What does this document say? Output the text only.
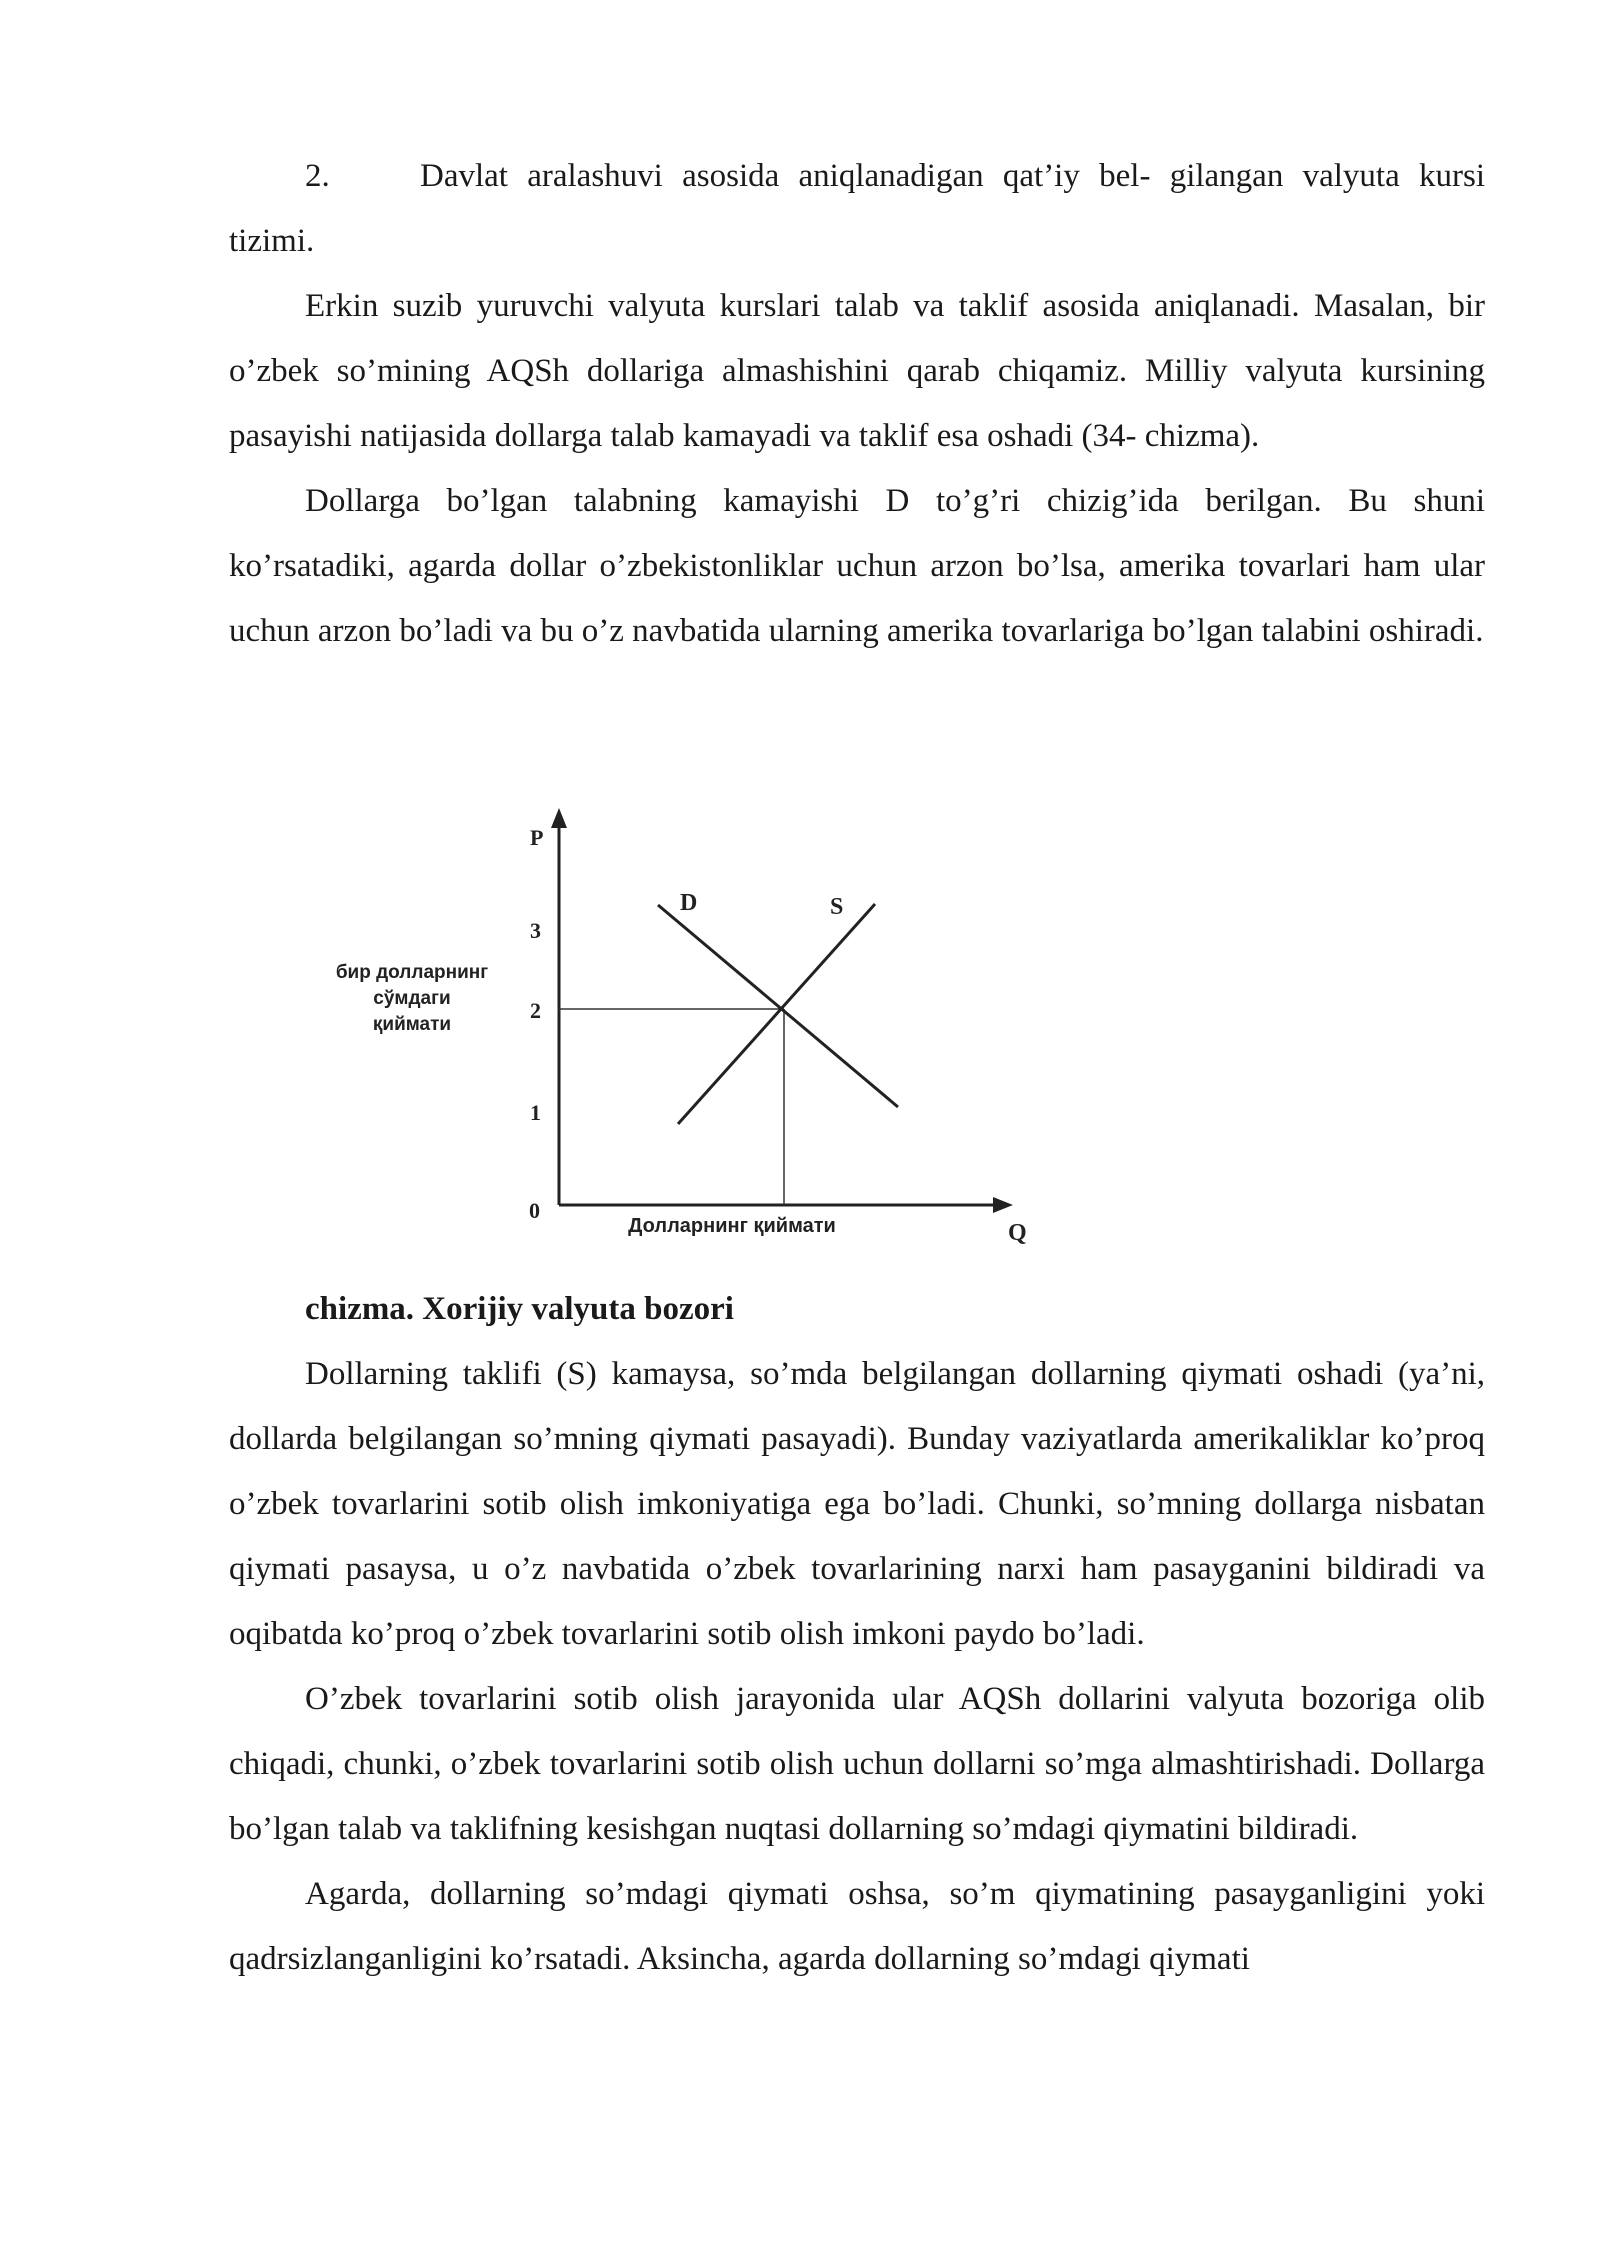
2.	Davlat aralashuvi asosida aniqlanadigan qat’iy bel- gilangan valyuta kursi tizimi.

Erkin suzib yuruvchi valyuta kurslari talab va taklif asosida aniqlanadi. Masalan, bir o’zbek so’mining AQSh dollariga almashishini qarab chiqamiz. Milliy valyuta kursining pasayishi natijasida dollarga talab kamayadi va taklif esa oshadi (34- chizma).

Dollarga bo’lgan talabning kamayishi D to’g’ri chizig’ida berilgan. Bu shuni ko’rsatadiki, agarda dollar o’zbekistonliklar uchun arzon bo’lsa, amerika tovarlari ham ular uchun arzon bo’ladi va bu o’z navbatida ularning amerika tovarlariga bo’lgan talabini oshiradi.

P
Q
0
1
2
3
бир долларнинг
сўмдаги
қиймати
Долларнинг қиймати
D	S

chizma. Xorijiy valyuta bozori

Dollarning taklifi (S) kamaysa, so’mda belgilangan dollarning qiymati oshadi (ya’ni, dollarda belgilangan so’mning qiymati pasayadi). Bunday vaziyatlarda amerikaliklar ko’proq o’zbek tovarlarini sotib olish imkoniyatiga ega bo’ladi. Chunki, so’mning dollarga nisbatan qiymati pasaysa, u o’z navbatida o’zbek tovarlarining narxi ham pasayganini bildiradi va oqibatda ko’proq o’zbek tovarlarini sotib olish imkoni paydo bo’ladi.

O’zbek tovarlarini sotib olish jarayonida ular AQSh dollarini valyuta bozoriga olib chiqadi, chunki, o’zbek tovarlarini sotib olish uchun dollarni so’mga almashtirishadi. Dollarga bo’lgan talab va taklifning kesishgan nuqtasi dollarning so’mdagi qiymatini bildiradi.

Agarda, dollarning so’mdagi qiymati oshsa, so’m qiymatining pasayganligini yoki qadrsizlanganligini ko’rsatadi. Aksincha, agarda dollarning so’mdagi qiymati
